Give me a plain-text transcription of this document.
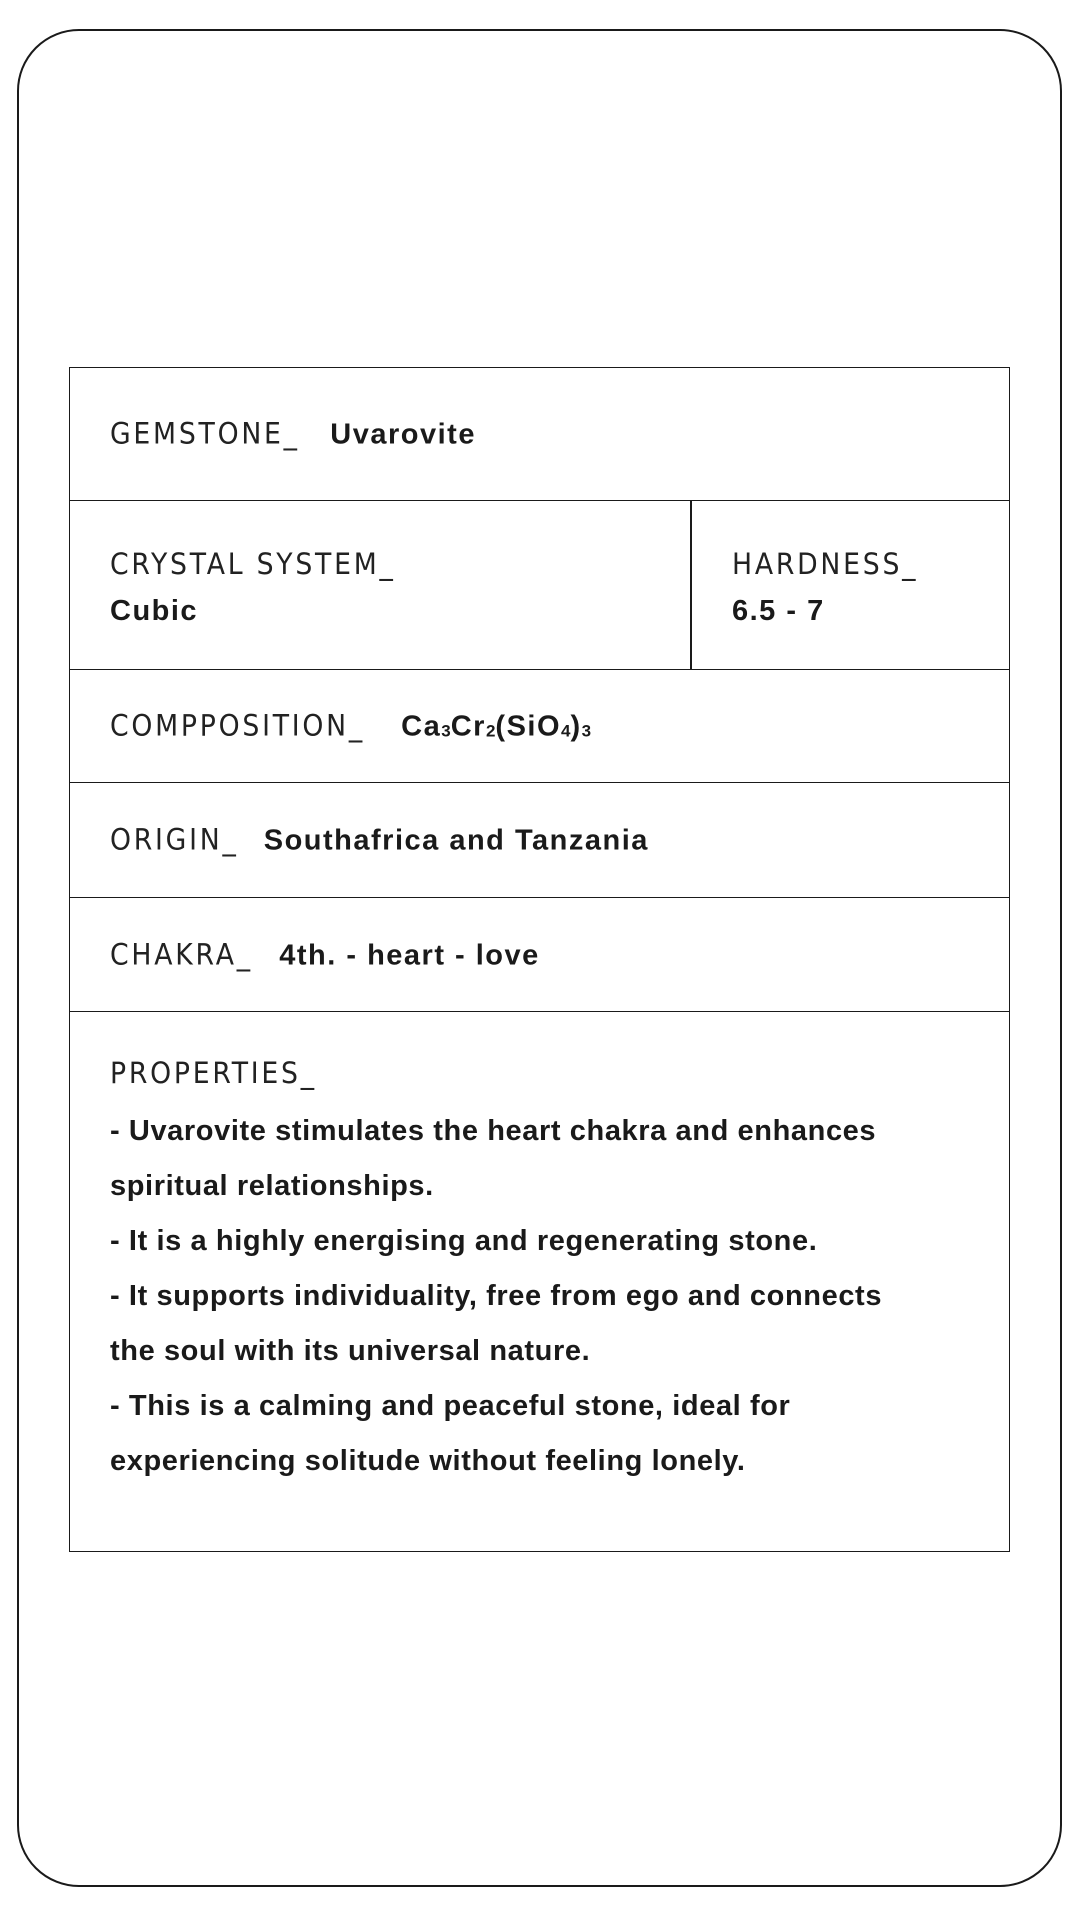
GEMSTONE_ Uvarovite
CRYSTAL SYSTEM_
Cubic
HARDNESS_
6.5 - 7
COMPPOSITION_ $Ca_3Cr_2(SiO_4)_3$
ORIGIN_ Southafrica and Tanzania
CHAKRA_ 4th. - heart - love
PROPERTIES_
- Uvarovite stimulates the heart chakra and enhances
spiritual relationships.
- It is a highly energising and regenerating stone.
- It supports individuality, free from ego and connects
the soul with its universal nature.
- This is a calming and peaceful stone, ideal for
experiencing solitude without feeling lonely.
